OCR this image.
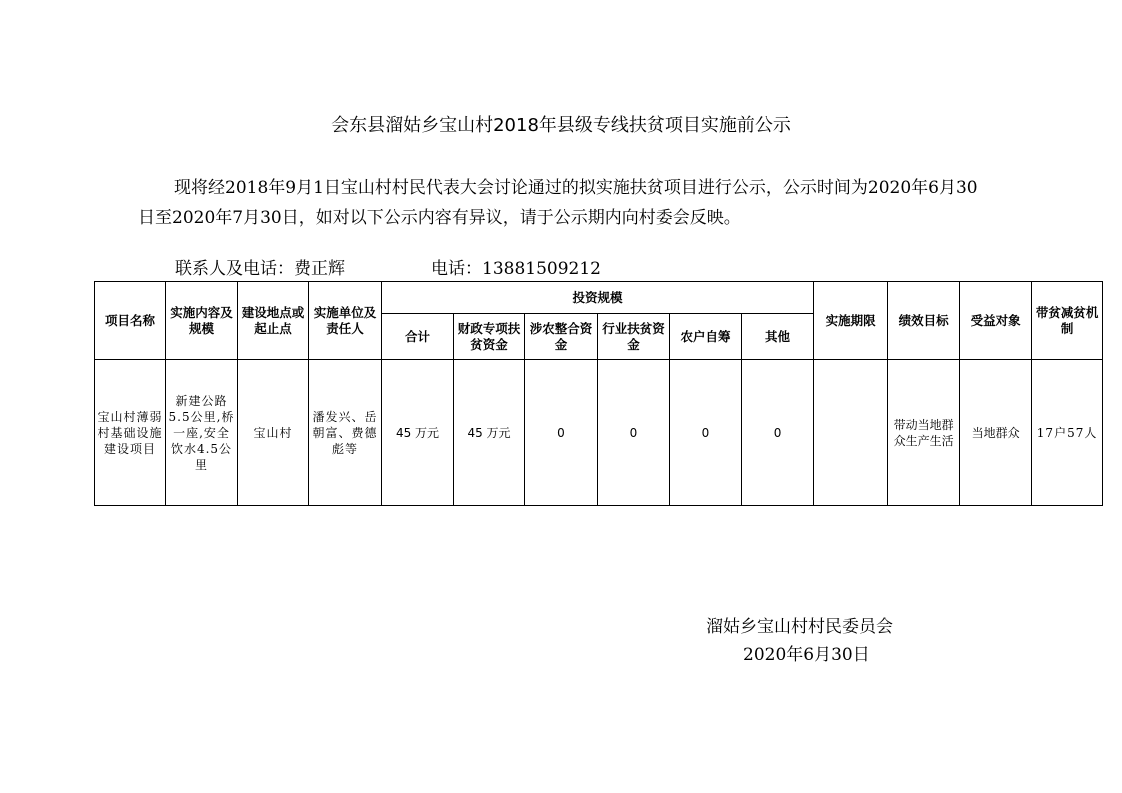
会东县溜姑乡宝山村2018年县级专线扶贫项目实施前公示

现将经2018年9月1日宝山村村民代表大会讨论通过的拟实施扶贫项目进行公示，公示时间为2020年6月30日至2020年7月30日，如对以下公示内容有异议，请于公示期内向村委会反映。

联系人及电话：费正辉	电话：13881509212
项目名称	实施内容及规模	建设地点或起止点	实施单位及责任人	投资规模						实施期限	绩效目标	受益对象	带贫减贫机制
				合计	财政专项扶贫资金	涉农整合资金	行业扶贫资金	农户自筹	其他				
宝山村薄弱村基础设施建设项目	新建公路5.5公里,桥一座,安全饮水4.5公里	宝山村	潘发兴、岳朝富、费德彪等	45 万元	45 万元	0	0	0	0		带动当地群众生产生活	当地群众	17户57人
溜姑乡宝山村村民委员会
2020年6月30日
